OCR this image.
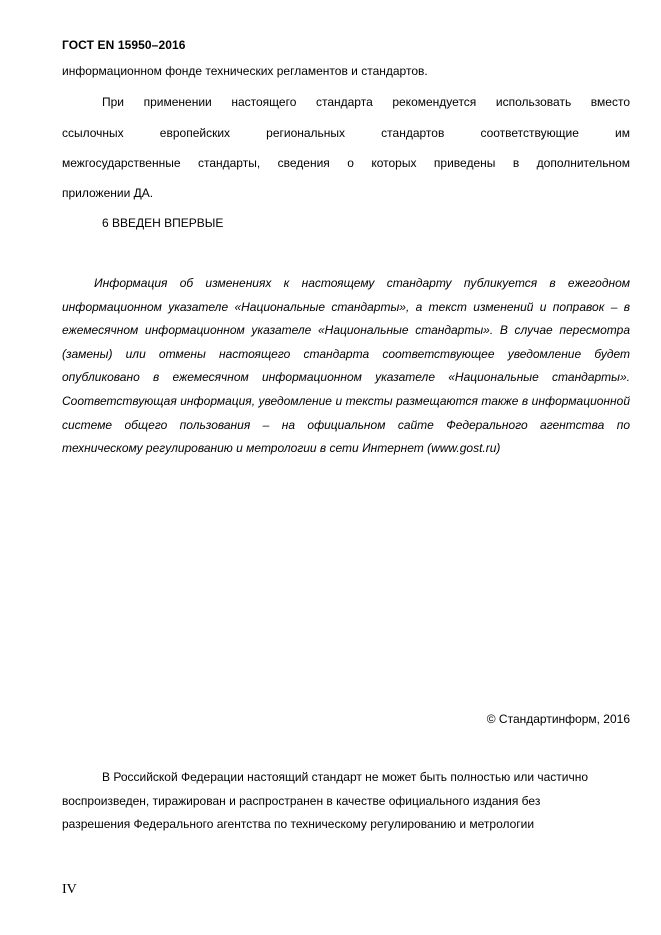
ГОСТ EN 15950–2016
информационном фонде технических регламентов и стандартов.
При применении настоящего стандарта рекомендуется использовать вместо
ссылочных	европейских	региональных	стандартов	соответствующие	им
межгосударственные стандарты, сведения о которых приведены в дополнительном
приложении ДА.
6 ВВЕДЕН ВПЕРВЫЕ
Информация об изменениях к настоящему стандарту публикуется в ежегодном информационном указателе «Национальные стандарты», а текст изменений и поправок – в ежемесячном информационном указателе «Национальные стандарты». В случае пересмотра (замены) или отмены настоящего стандарта соответствующее уведомление будет опубликовано в ежемесячном информационном указателе «Национальные стандарты». Соответствующая информация, уведомление и тексты размещаются также в информационной системе общего пользования – на официальном сайте Федерального агентства по техническому регулированию и метрологии в сети Интернет (www.gost.ru)
© Стандартинформ, 2016
В Российской Федерации настоящий стандарт не может быть полностью или частично воспроизведен, тиражирован и распространен в качестве официального издания без разрешения Федерального агентства по техническому регулированию и метрологии
IV
